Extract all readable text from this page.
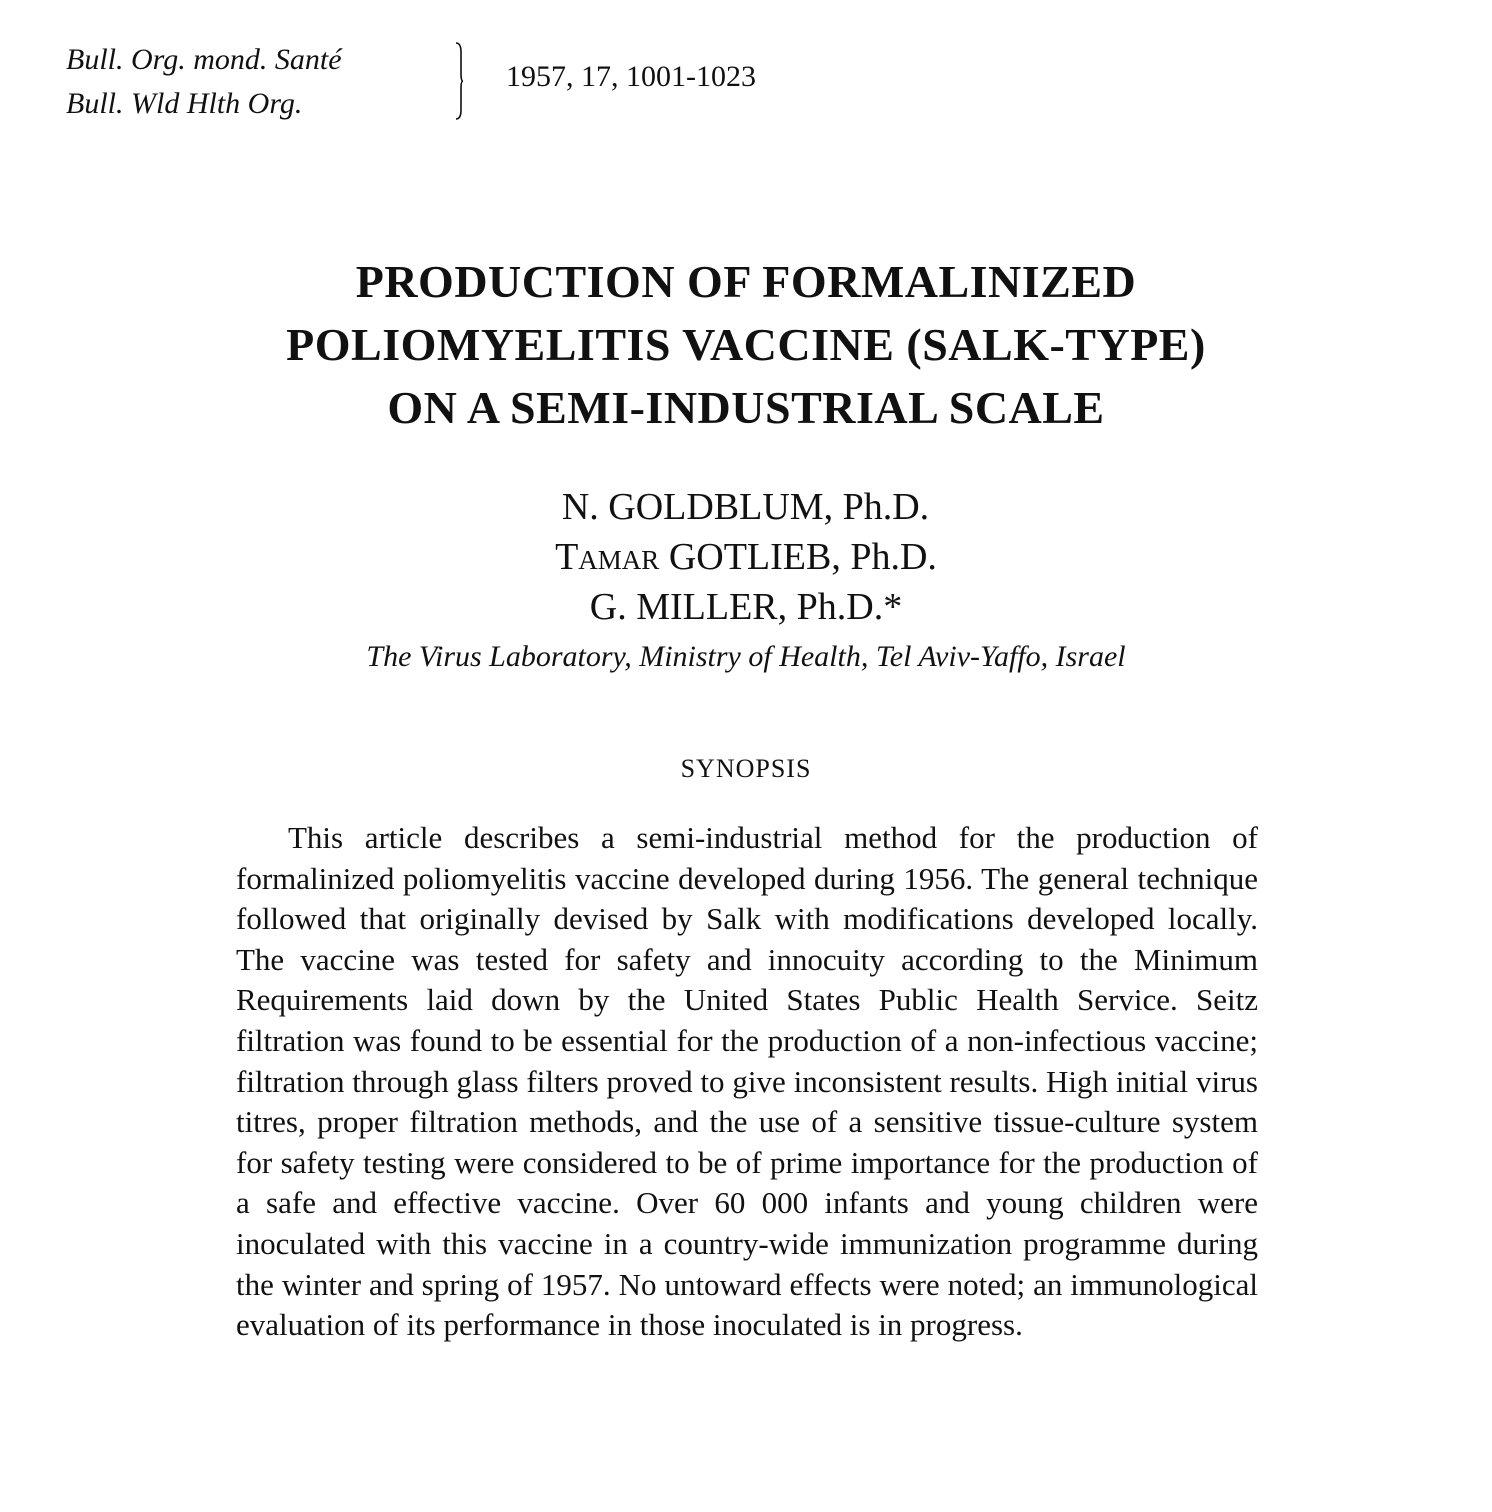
Bull. Org. mond. Santé
Bull. Wld Hlth Org.
1957, 17, 1001-1023
PRODUCTION OF FORMALINIZED
POLIOMYELITIS VACCINE (SALK-TYPE)
ON A SEMI-INDUSTRIAL SCALE
N. GOLDBLUM, Ph.D.
Tamar GOTLIEB, Ph.D.
G. MILLER, Ph.D.*
The Virus Laboratory, Ministry of Health, Tel Aviv-Yaffo, Israel
SYNOPSIS

This article describes a semi-industrial method for the production of formalinized poliomyelitis vaccine developed during 1956. The general technique followed that originally devised by Salk with modifications developed locally. The vaccine was tested for safety and innocuity according to the Minimum Requirements laid down by the United States Public Health Service. Seitz filtration was found to be essential for the production of a non-infectious vaccine; filtration through glass filters proved to give inconsistent results. High initial virus titres, proper filtration methods, and the use of a sensitive tissue-culture system for safety testing were considered to be of prime importance for the production of a safe and effective vaccine. Over 60 000 infants and young children were inoculated with this vaccine in a country-wide immunization programme during the winter and spring of 1957. No untoward effects were noted; an immunological evaluation of its performance in those inoculated is in progress.
